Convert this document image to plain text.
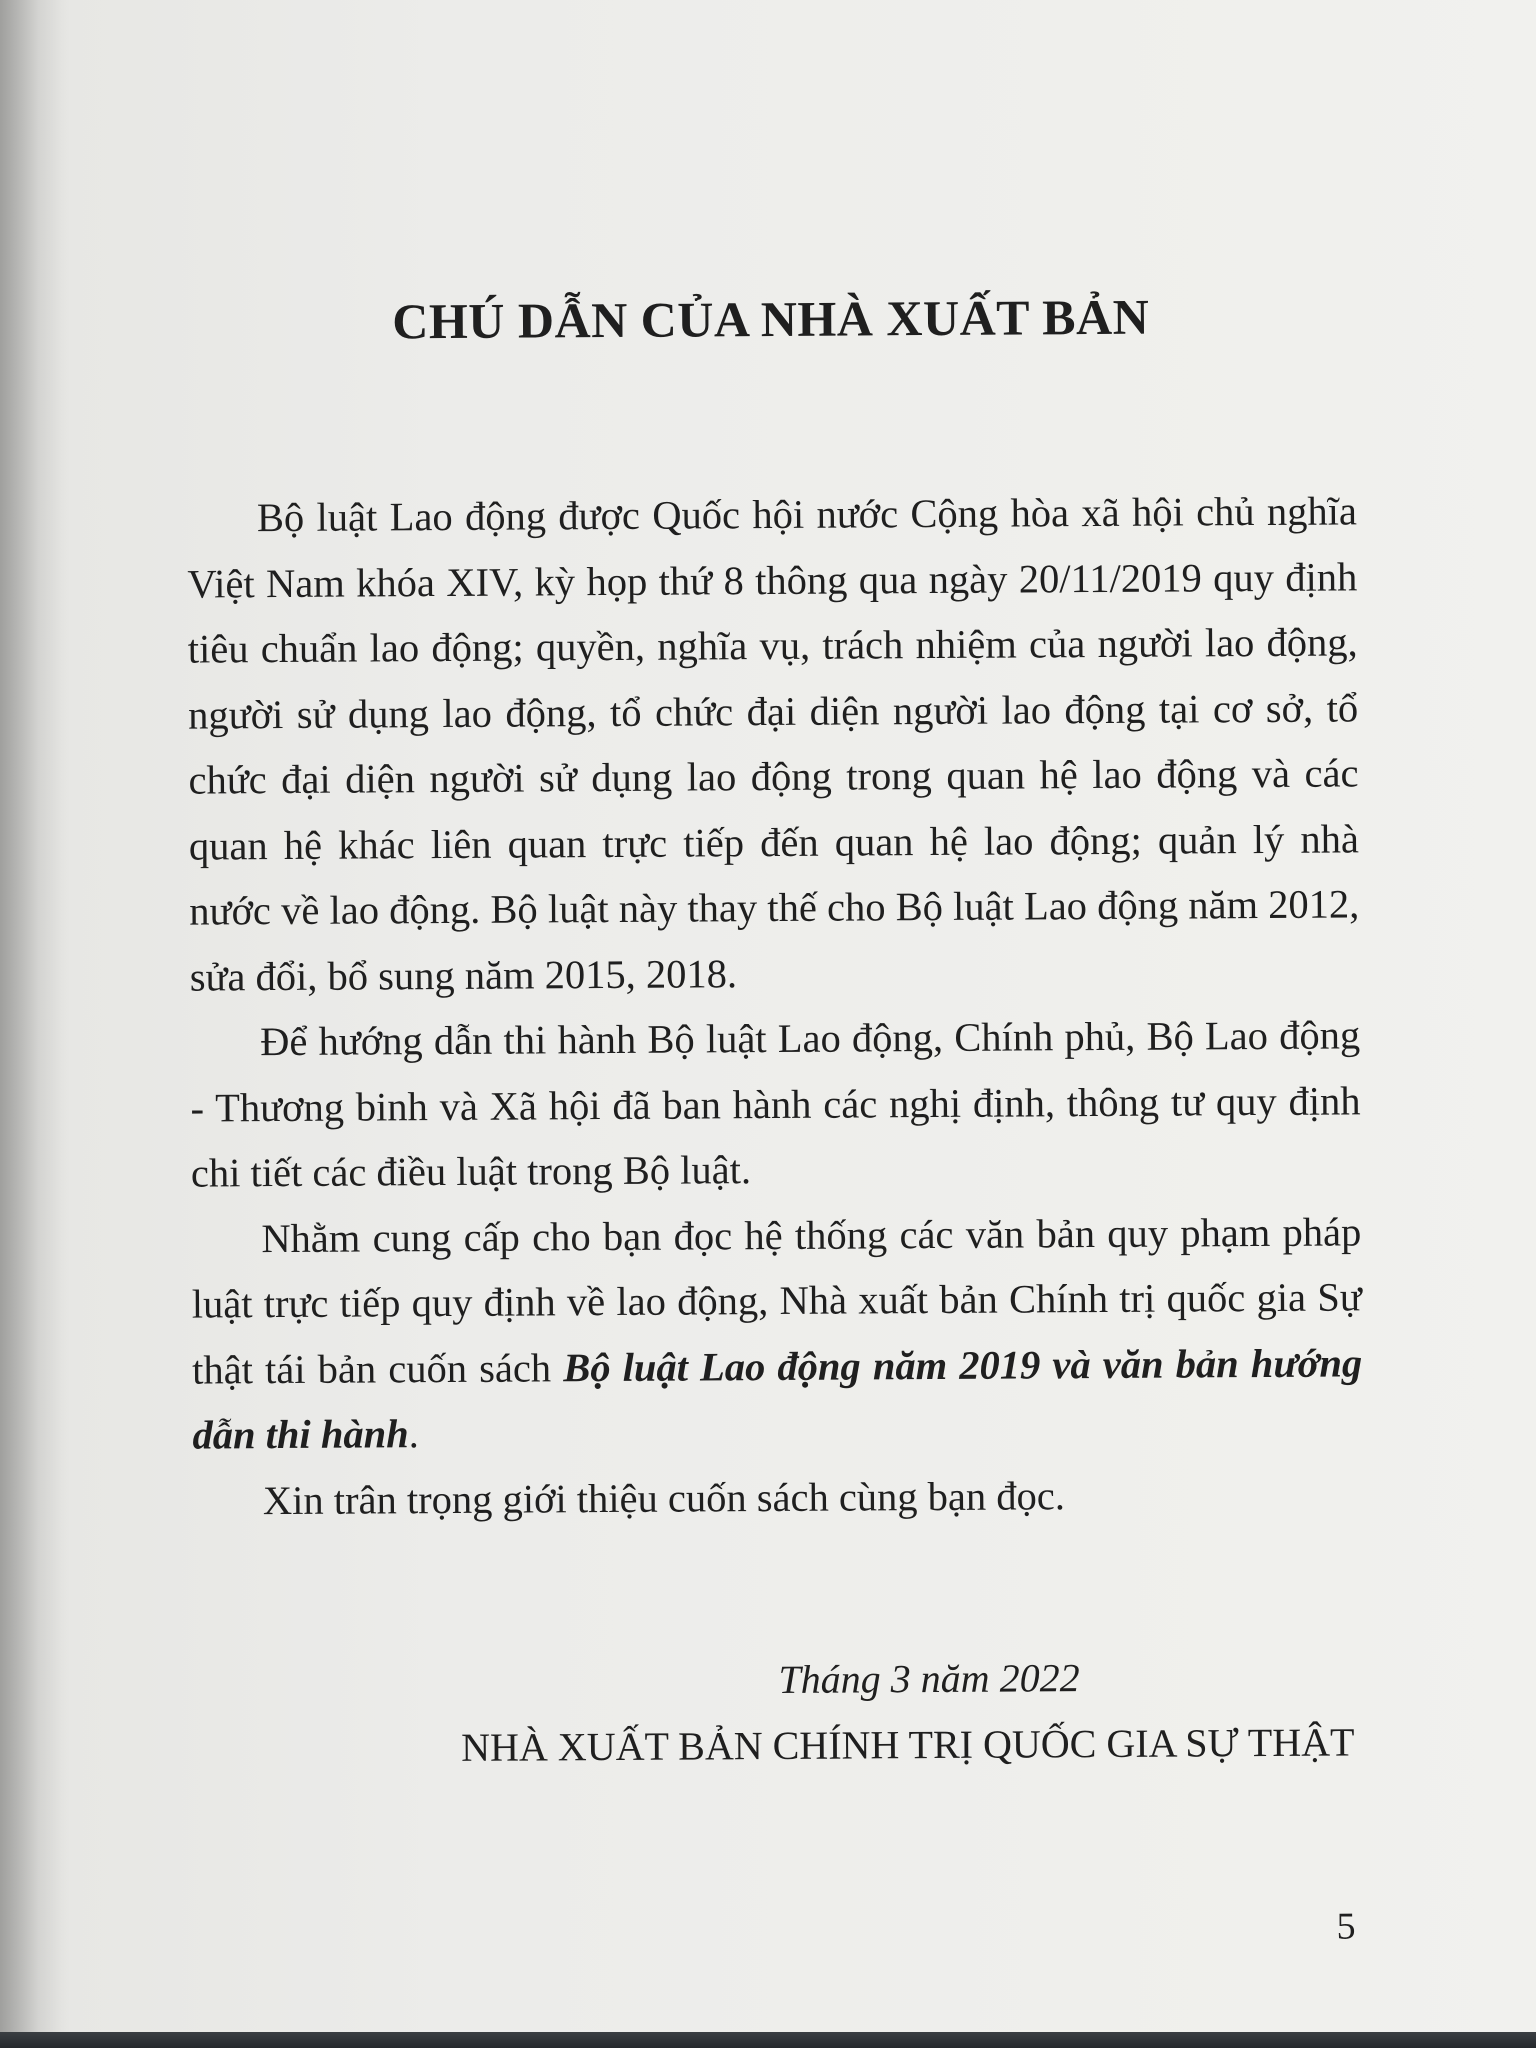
CHÚ DẪN CỦA NHÀ XUẤT BẢN

Bộ luật Lao động được Quốc hội nước Cộng hòa xã hội chủ nghĩa Việt Nam khóa XIV, kỳ họp thứ 8 thông qua ngày 20/11/2019 quy định tiêu chuẩn lao động; quyền, nghĩa vụ, trách nhiệm của người lao động, người sử dụng lao động, tổ chức đại diện người lao động tại cơ sở, tổ chức đại diện người sử dụng lao động trong quan hệ lao động và các quan hệ khác liên quan trực tiếp đến quan hệ lao động; quản lý nhà nước về lao động. Bộ luật này thay thế cho Bộ luật Lao động năm 2012, sửa đổi, bổ sung năm 2015, 2018.

Để hướng dẫn thi hành Bộ luật Lao động, Chính phủ, Bộ Lao động - Thương binh và Xã hội đã ban hành các nghị định, thông tư quy định chi tiết các điều luật trong Bộ luật.

Nhằm cung cấp cho bạn đọc hệ thống các văn bản quy phạm pháp luật trực tiếp quy định về lao động, Nhà xuất bản Chính trị quốc gia Sự thật tái bản cuốn sách Bộ luật Lao động năm 2019 và văn bản hướng dẫn thi hành.

Xin trân trọng giới thiệu cuốn sách cùng bạn đọc.

Tháng 3 năm 2022
NHÀ XUẤT BẢN CHÍNH TRỊ QUỐC GIA SỰ THẬT
5
